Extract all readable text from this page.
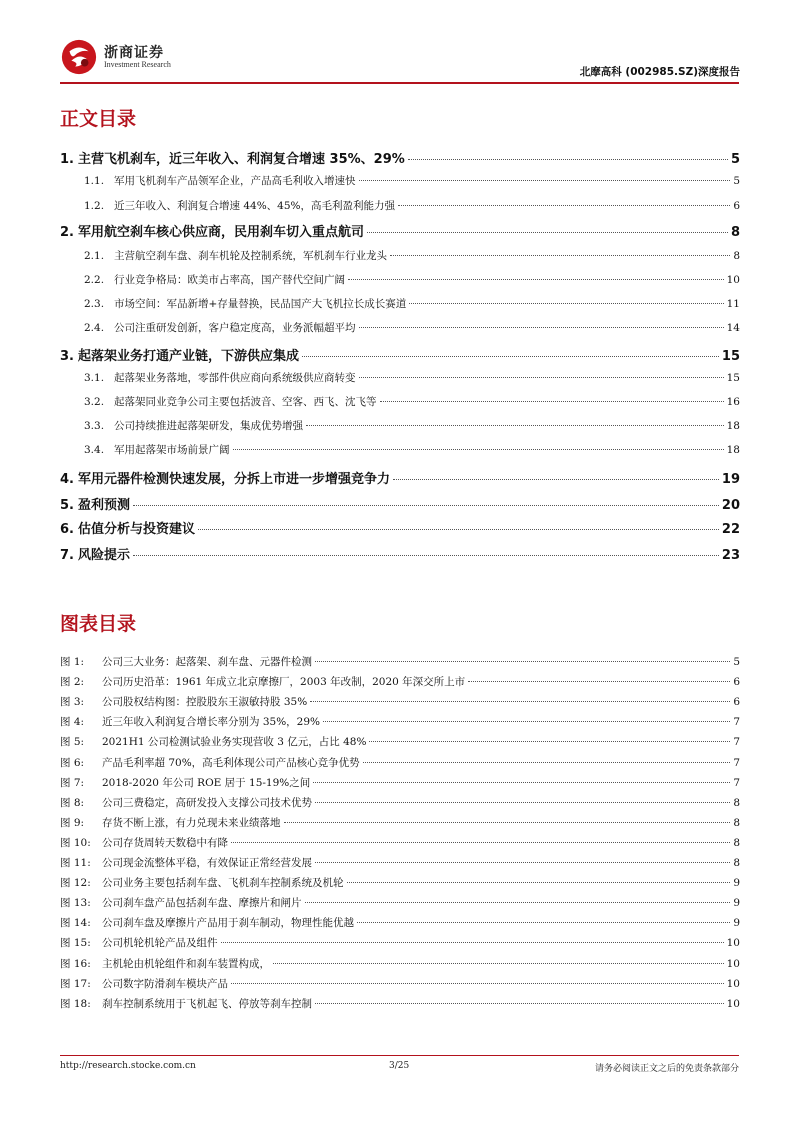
浙商证券
Investment Research
北摩高科 (002985.SZ)深度报告
正文目录
1. 主营飞机刹车，近三年收入、利润复合增速 35%、29%	5
1.1. 军用飞机刹车产品领军企业，产品高毛利收入增速快	5
1.2. 近三年收入、利润复合增速 44%、45%，高毛利盈利能力强	6
2. 军用航空刹车核心供应商，民用刹车切入重点航司	8
2.1. 主营航空刹车盘、刹车机轮及控制系统，军机刹车行业龙头	8
2.2. 行业竞争格局：欧美市占率高，国产替代空间广阔	10
2.3. 市场空间：军品新增+存量替换，民品国产大飞机拉长成长赛道	11
2.4. 公司注重研发创新，客户稳定度高，业务派幅超平均	14
3. 起落架业务打通产业链，下游供应集成	15
3.1. 起落架业务落地，零部件供应商向系统级供应商转变	15
3.2. 起落架同业竞争公司主要包括波音、空客、西飞、沈飞等	16
3.3. 公司持续推进起落架研发，集成优势增强	18
3.4. 军用起落架市场前景广阔	18
4. 军用元器件检测快速发展，分拆上市进一步增强竞争力	19
5. 盈利预测	20
6. 估值分析与投资建议	22
7. 风险提示	23
图表目录
图 1:	公司三大业务：起落架、刹车盘、元器件检测	5
图 2:	公司历史沿革：1961 年成立北京摩擦厂，2003 年改制，2020 年深交所上市	6
图 3:	公司股权结构图：控股股东王淑敏持股 35%	6
图 4:	近三年收入利润复合增长率分别为 35%，29%	7
图 5:	2021H1 公司检测试验业务实现营收 3 亿元，占比 48%	7
图 6:	产品毛利率超 70%，高毛利体现公司产品核心竞争优势	7
图 7:	2018-2020 年公司 ROE 居于 15-19%之间	7
图 8:	公司三费稳定，高研发投入支撑公司技术优势	8
图 9:	存货不断上涨，有力兑现未来业绩落地	8
图 10:	公司存货周转天数稳中有降	8
图 11:	公司现金流整体平稳，有效保证正常经营发展	8
图 12:	公司业务主要包括刹车盘、飞机刹车控制系统及机轮	9
图 13:	公司刹车盘产品包括刹车盘、摩擦片和闸片	9
图 14:	公司刹车盘及摩擦片产品用于刹车制动，物理性能优越	9
图 15:	公司机轮机轮产品及组件	10
图 16:	主机轮由机轮组件和刹车装置构成，	10
图 17:	公司数字防滑刹车模块产品	10
图 18:	刹车控制系统用于飞机起飞、停放等刹车控制	10
http://research.stocke.com.cn	3/25	请务必阅读正文之后的免责条款部分
